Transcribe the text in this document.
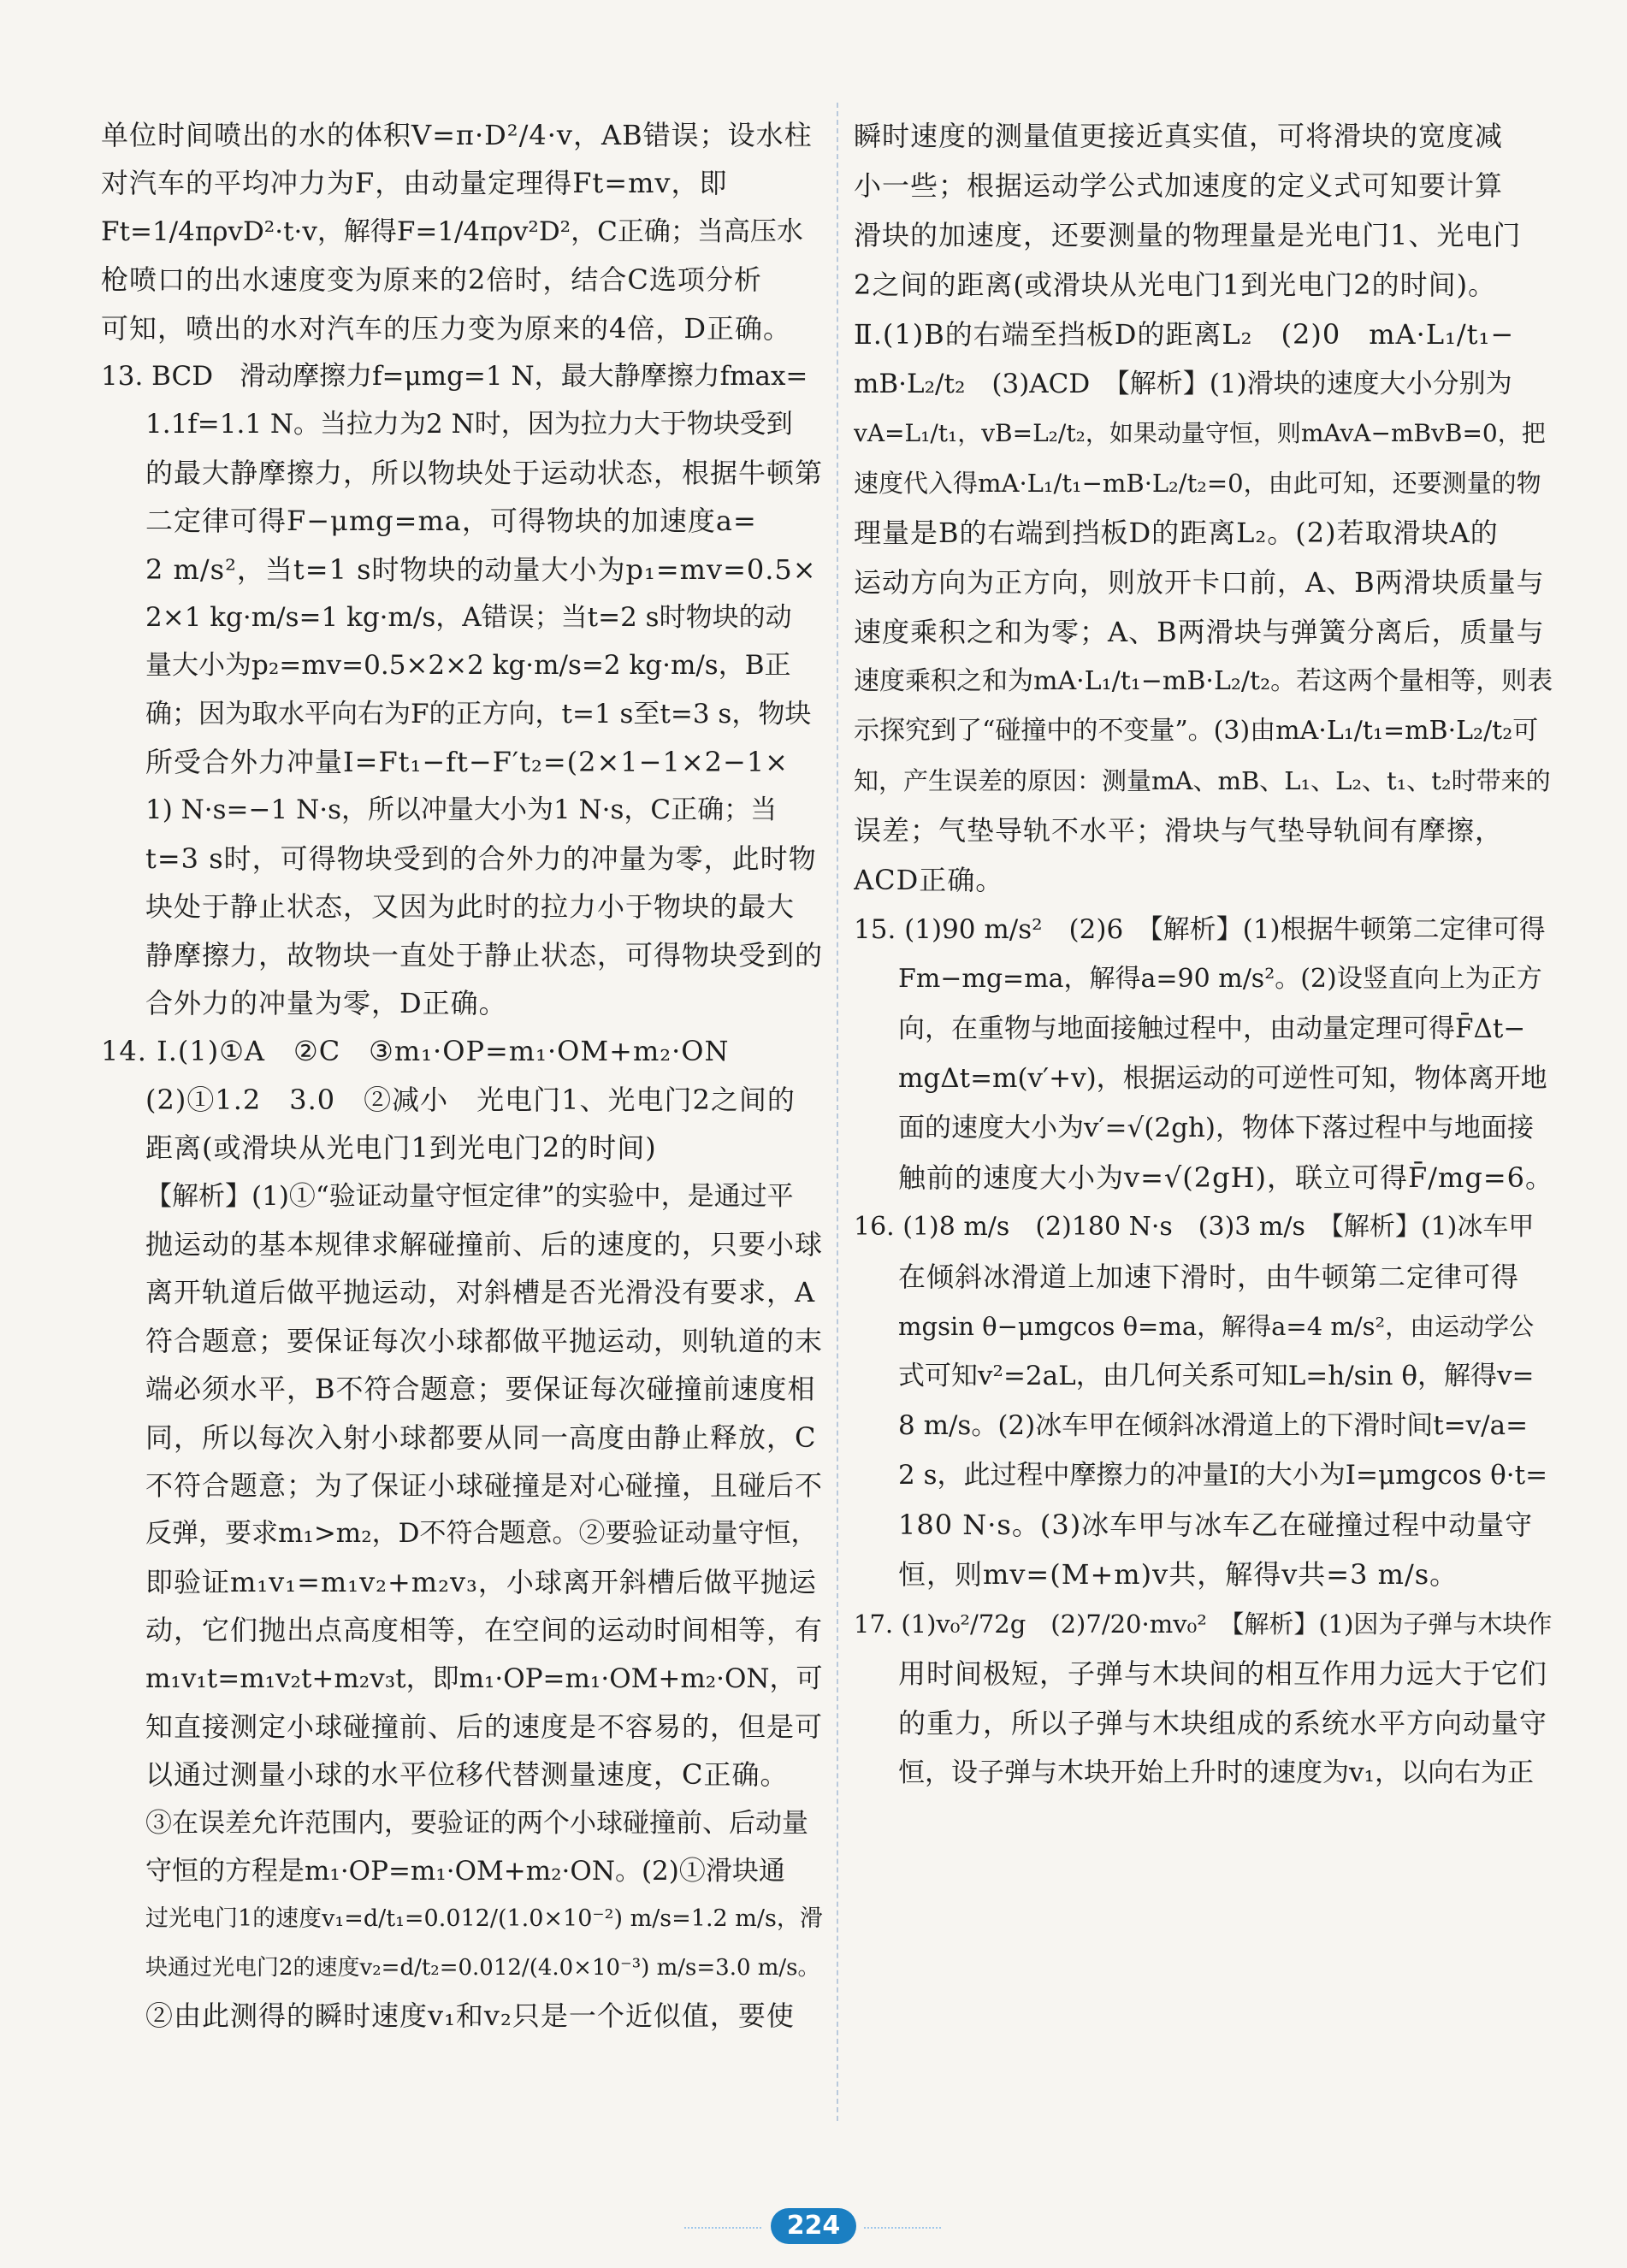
单位时间喷出的水的体积V=π·D²/4·v，AB错误；设水柱
对汽车的平均冲力为F，由动量定理得Ft=mv，即
Ft=1/4πρvD²·t·v，解得F=1/4πρv²D²，C正确；当高压水
枪喷口的出水速度变为原来的2倍时，结合C选项分析
可知，喷出的水对汽车的压力变为原来的4倍，D正确。
13. BCD　滑动摩擦力f=μmg=1 N，最大静摩擦力fmax=
1.1f=1.1 N。当拉力为2 N时，因为拉力大于物块受到
的最大静摩擦力，所以物块处于运动状态，根据牛顿第
二定律可得F−μmg=ma，可得物块的加速度a=
2 m/s²，当t=1 s时物块的动量大小为p₁=mv=0.5×
2×1 kg·m/s=1 kg·m/s，A错误；当t=2 s时物块的动
量大小为p₂=mv=0.5×2×2 kg·m/s=2 kg·m/s，B正
确；因为取水平向右为F的正方向，t=1 s至t=3 s，物块
所受合外力冲量I=Ft₁−ft−F′t₂=(2×1−1×2−1×
1) N·s=−1 N·s，所以冲量大小为1 N·s，C正确；当
t=3 s时，可得物块受到的合外力的冲量为零，此时物
块处于静止状态，又因为此时的拉力小于物块的最大
静摩擦力，故物块一直处于静止状态，可得物块受到的
合外力的冲量为零，D正确。
14. Ⅰ.(1)①A　②C　③m₁·OP=m₁·OM+m₂·ON
(2)①1.2　3.0　②减小　光电门1、光电门2之间的
距离(或滑块从光电门1到光电门2的时间)
【解析】(1)①“验证动量守恒定律”的实验中，是通过平
抛运动的基本规律求解碰撞前、后的速度的，只要小球
离开轨道后做平抛运动，对斜槽是否光滑没有要求，A
符合题意；要保证每次小球都做平抛运动，则轨道的末
端必须水平，B不符合题意；要保证每次碰撞前速度相
同，所以每次入射小球都要从同一高度由静止释放，C
不符合题意；为了保证小球碰撞是对心碰撞，且碰后不
反弹，要求m₁>m₂，D不符合题意。②要验证动量守恒，
即验证m₁v₁=m₁v₂+m₂v₃，小球离开斜槽后做平抛运
动，它们抛出点高度相等，在空间的运动时间相等，有
m₁v₁t=m₁v₂t+m₂v₃t，即m₁·OP=m₁·OM+m₂·ON，可
知直接测定小球碰撞前、后的速度是不容易的，但是可
以通过测量小球的水平位移代替测量速度，C正确。
③在误差允许范围内，要验证的两个小球碰撞前、后动量
守恒的方程是m₁·OP=m₁·OM+m₂·ON。(2)①滑块通
过光电门1的速度v₁=d/t₁=0.012/(1.0×10⁻²) m/s=1.2 m/s，滑
块通过光电门2的速度v₂=d/t₂=0.012/(4.0×10⁻³) m/s=3.0 m/s。
②由此测得的瞬时速度v₁和v₂只是一个近似值，要使
瞬时速度的测量值更接近真实值，可将滑块的宽度减
小一些；根据运动学公式加速度的定义式可知要计算
滑块的加速度，还要测量的物理量是光电门1、光电门
2之间的距离(或滑块从光电门1到光电门2的时间)。
Ⅱ.(1)B的右端至挡板D的距离L₂　(2)0　mA·L₁/t₁−
mB·L₂/t₂　(3)ACD　【解析】(1)滑块的速度大小分别为
vA=L₁/t₁，vB=L₂/t₂，如果动量守恒，则mAvA−mBvB=0，把
速度代入得mA·L₁/t₁−mB·L₂/t₂=0，由此可知，还要测量的物
理量是B的右端到挡板D的距离L₂。(2)若取滑块A的
运动方向为正方向，则放开卡口前，A、B两滑块质量与
速度乘积之和为零；A、B两滑块与弹簧分离后，质量与
速度乘积之和为mA·L₁/t₁−mB·L₂/t₂。若这两个量相等，则表
示探究到了“碰撞中的不变量”。(3)由mA·L₁/t₁=mB·L₂/t₂可
知，产生误差的原因：测量mA、mB、L₁、L₂、t₁、t₂时带来的
误差；气垫导轨不水平；滑块与气垫导轨间有摩擦，
ACD正确。
15. (1)90 m/s²　(2)6　【解析】(1)根据牛顿第二定律可得
Fm−mg=ma，解得a=90 m/s²。(2)设竖直向上为正方
向，在重物与地面接触过程中，由动量定理可得F̄Δt−
mgΔt=m(v′+v)，根据运动的可逆性可知，物体离开地
面的速度大小为v′=√(2gh)，物体下落过程中与地面接
触前的速度大小为v=√(2gH)，联立可得F̄/mg=6。
16. (1)8 m/s　(2)180 N·s　(3)3 m/s　【解析】(1)冰车甲
在倾斜冰滑道上加速下滑时，由牛顿第二定律可得
mgsin θ−μmgcos θ=ma，解得a=4 m/s²，由运动学公
式可知v²=2aL，由几何关系可知L=h/sin θ，解得v=
8 m/s。(2)冰车甲在倾斜冰滑道上的下滑时间t=v/a=
2 s，此过程中摩擦力的冲量I的大小为I=μmgcos θ·t=
180 N·s。(3)冰车甲与冰车乙在碰撞过程中动量守
恒，则mv=(M+m)v共，解得v共=3 m/s。
17. (1)v₀²/72g　(2)7/20·mv₀²　【解析】(1)因为子弹与木块作
用时间极短，子弹与木块间的相互作用力远大于它们
的重力，所以子弹与木块组成的系统水平方向动量守
恒，设子弹与木块开始上升时的速度为v₁，以向右为正
224
